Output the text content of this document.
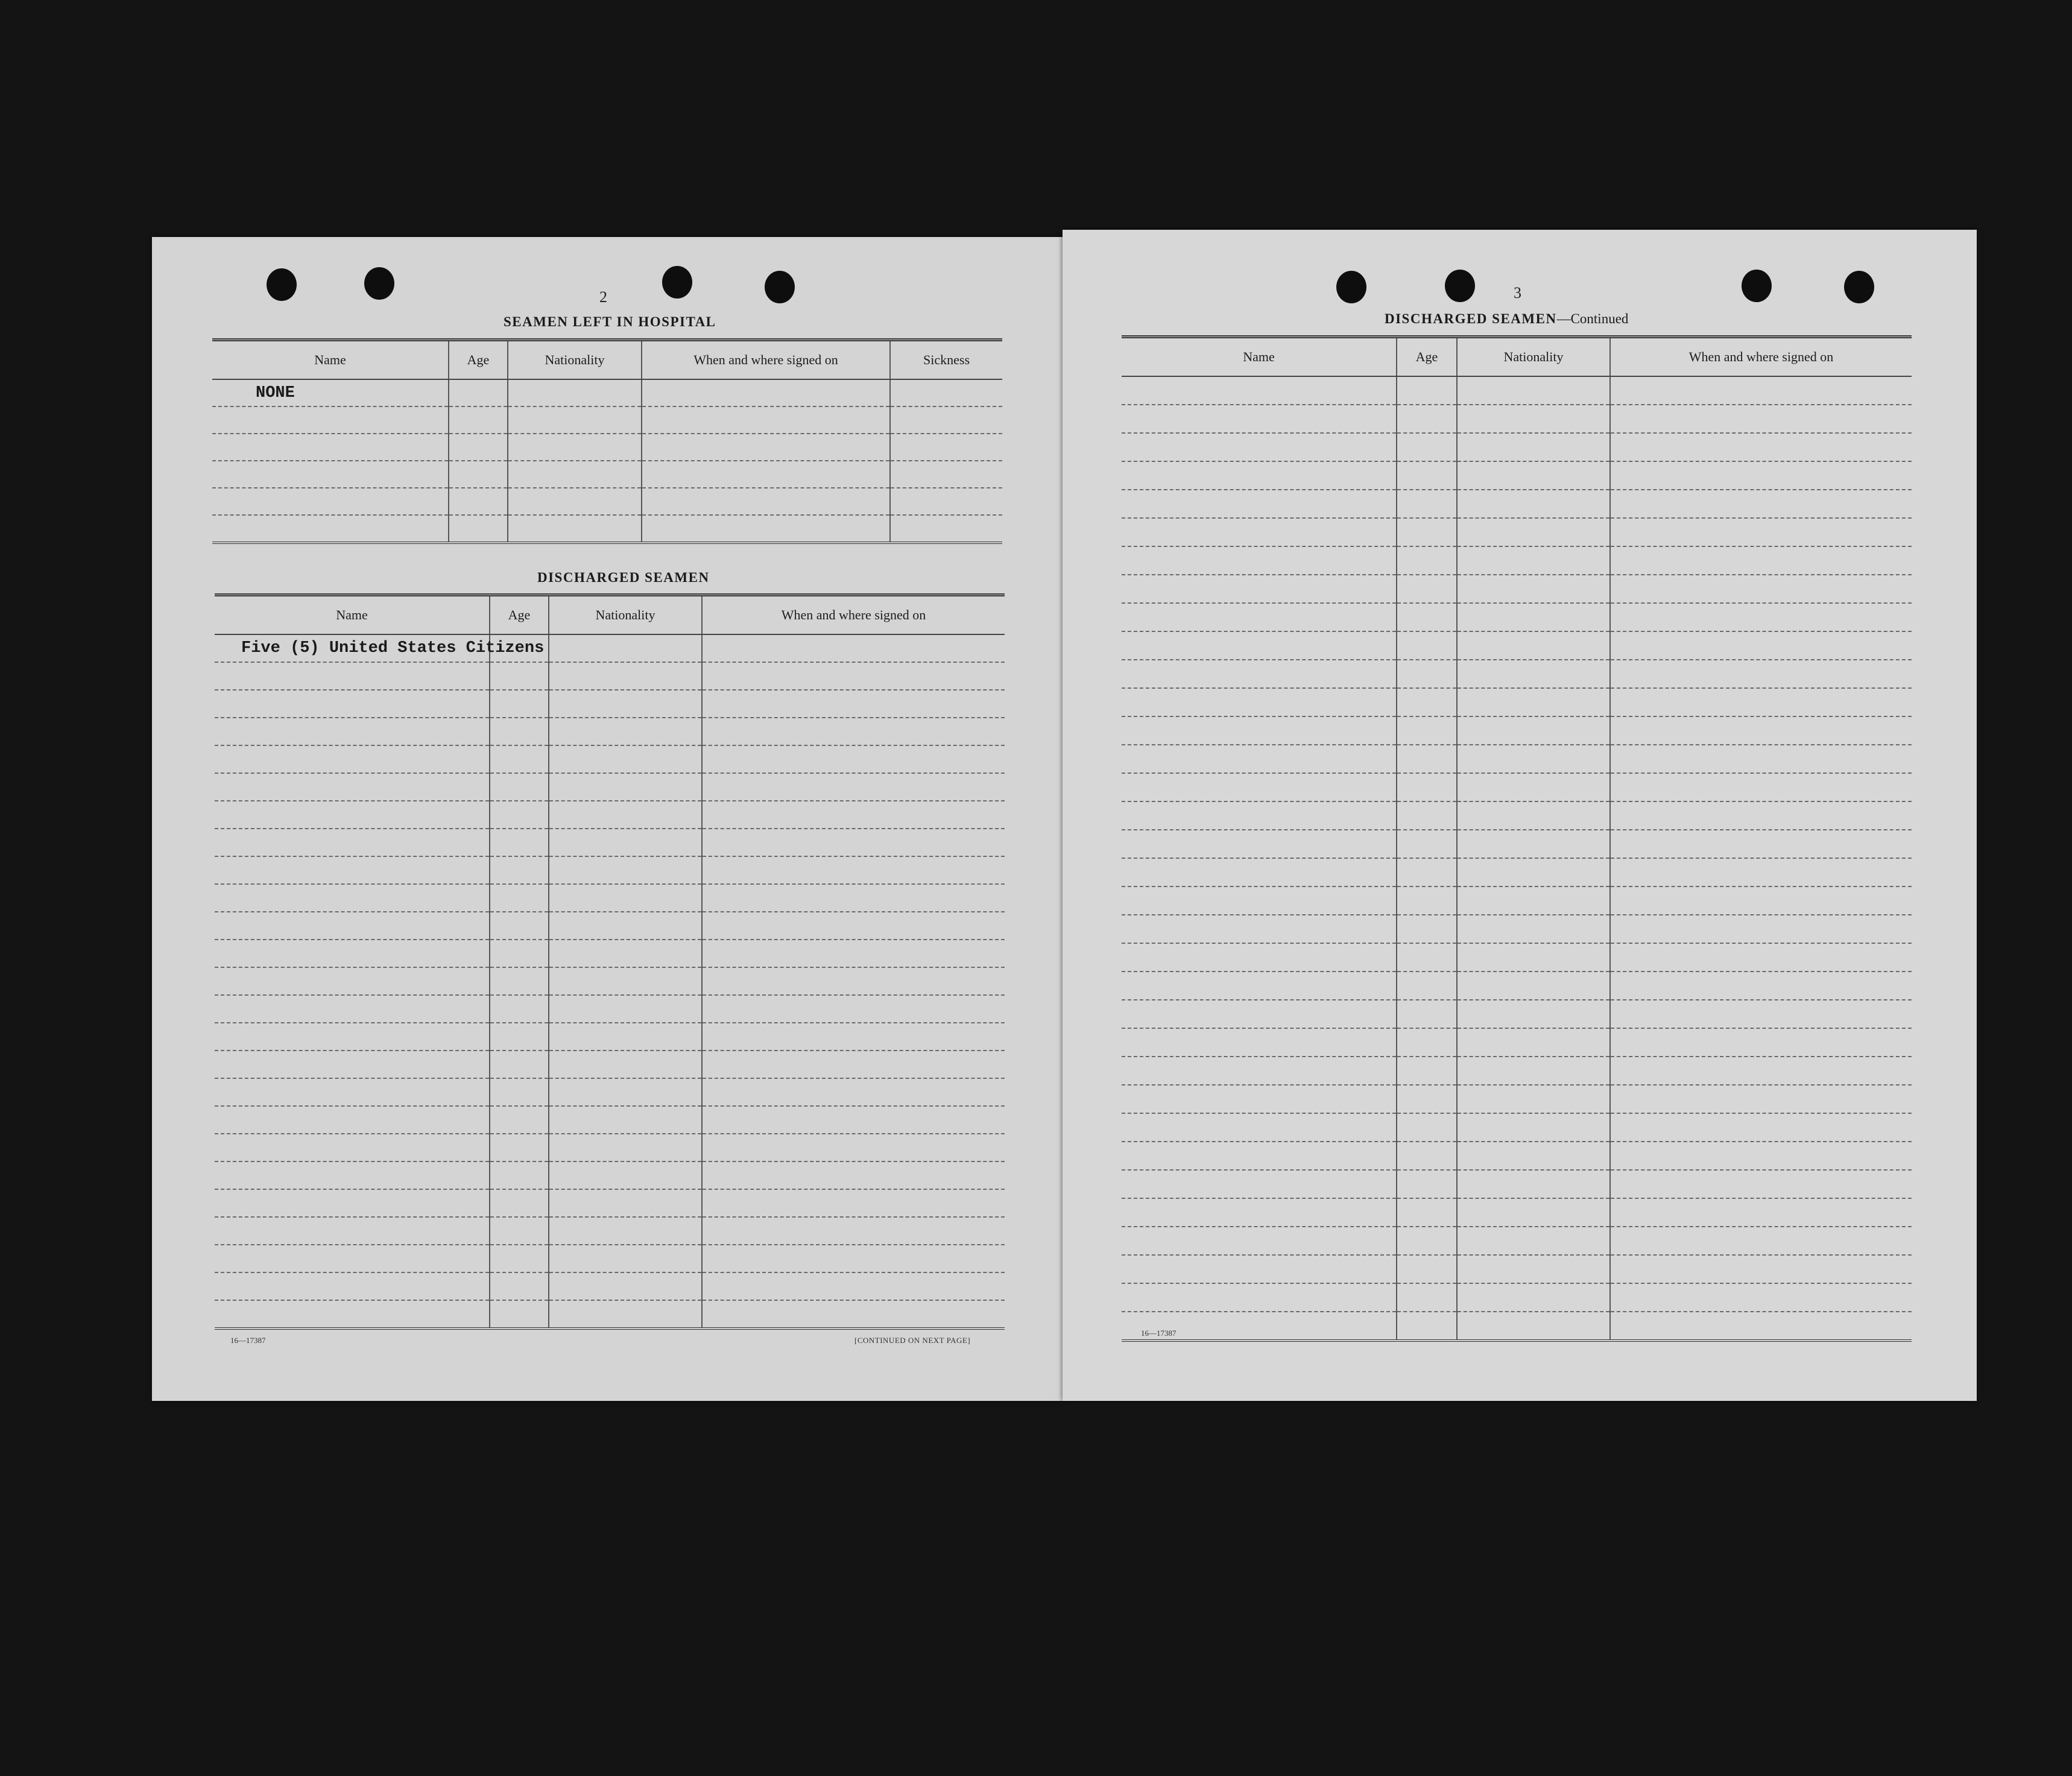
2
SEAMEN LEFT IN HOSPITAL
Name	Age	Nationality	When and where signed on	Sickness
NONE				

DISCHARGED SEAMEN
Name	Age	Nationality	When and where signed on
Five (5) United States Citizens			

16—17387	[CONTINUED ON NEXT PAGE]
3
DISCHARGED SEAMEN—Continued
Name	Age	Nationality	When and where signed on

16—17387
